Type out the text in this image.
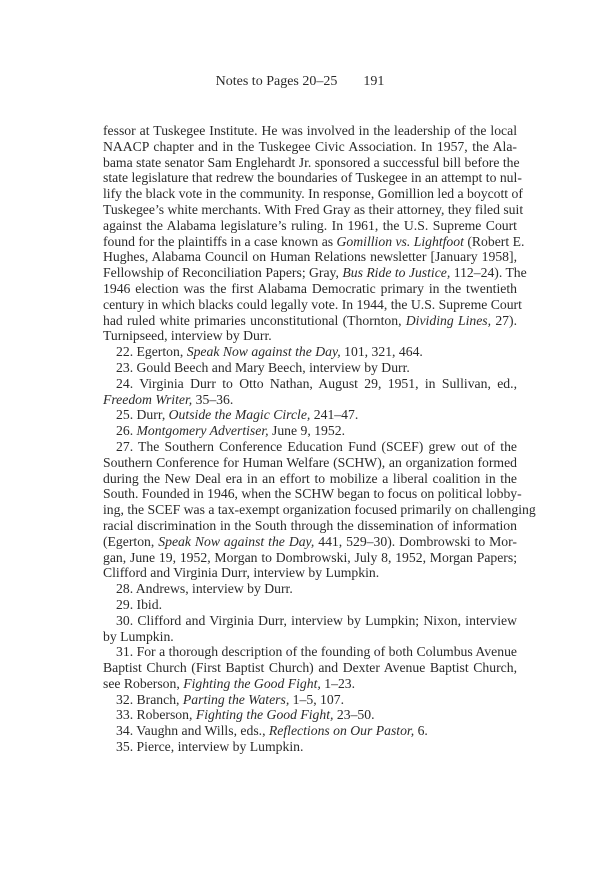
Notes to Pages 20–25 191
fessor at Tuskegee Institute. He was involved in the leadership of the local
NAACP chapter and in the Tuskegee Civic Association. In 1957, the Ala-
bama state senator Sam Englehardt Jr. sponsored a successful bill before the
state legislature that redrew the boundaries of Tuskegee in an attempt to nul-
lify the black vote in the community. In response, Gomillion led a boycott of
Tuskegee’s white merchants. With Fred Gray as their attorney, they filed suit
against the Alabama legislature’s ruling. In 1961, the U.S. Supreme Court
found for the plaintiffs in a case known as Gomillion vs. Lightfoot (Robert E.
Hughes, Alabama Council on Human Relations newsletter [January 1958],
Fellowship of Reconciliation Papers; Gray, Bus Ride to Justice, 112–24). The
1946 election was the first Alabama Democratic primary in the twentieth
century in which blacks could legally vote. In 1944, the U.S. Supreme Court
had ruled white primaries unconstitutional (Thornton, Dividing Lines, 27).
Turnipseed, interview by Durr.
22. Egerton, Speak Now against the Day, 101, 321, 464.
23. Gould Beech and Mary Beech, interview by Durr.
24. Virginia Durr to Otto Nathan, August 29, 1951, in Sullivan, ed.,
Freedom Writer, 35–36.
25. Durr, Outside the Magic Circle, 241–47.
26. Montgomery Advertiser, June 9, 1952.
27. The Southern Conference Education Fund (SCEF) grew out of the
Southern Conference for Human Welfare (SCHW), an organization formed
during the New Deal era in an effort to mobilize a liberal coalition in the
South. Founded in 1946, when the SCHW began to focus on political lobby-
ing, the SCEF was a tax-exempt organization focused primarily on challenging
racial discrimination in the South through the dissemination of information
(Egerton, Speak Now against the Day, 441, 529–30). Dombrowski to Mor-
gan, June 19, 1952, Morgan to Dombrowski, July 8, 1952, Morgan Papers;
Clifford and Virginia Durr, interview by Lumpkin.
28. Andrews, interview by Durr.
29. Ibid.
30. Clifford and Virginia Durr, interview by Lumpkin; Nixon, interview
by Lumpkin.
31. For a thorough description of the founding of both Columbus Avenue
Baptist Church (First Baptist Church) and Dexter Avenue Baptist Church,
see Roberson, Fighting the Good Fight, 1–23.
32. Branch, Parting the Waters, 1–5, 107.
33. Roberson, Fighting the Good Fight, 23–50.
34. Vaughn and Wills, eds., Reflections on Our Pastor, 6.
35. Pierce, interview by Lumpkin.
